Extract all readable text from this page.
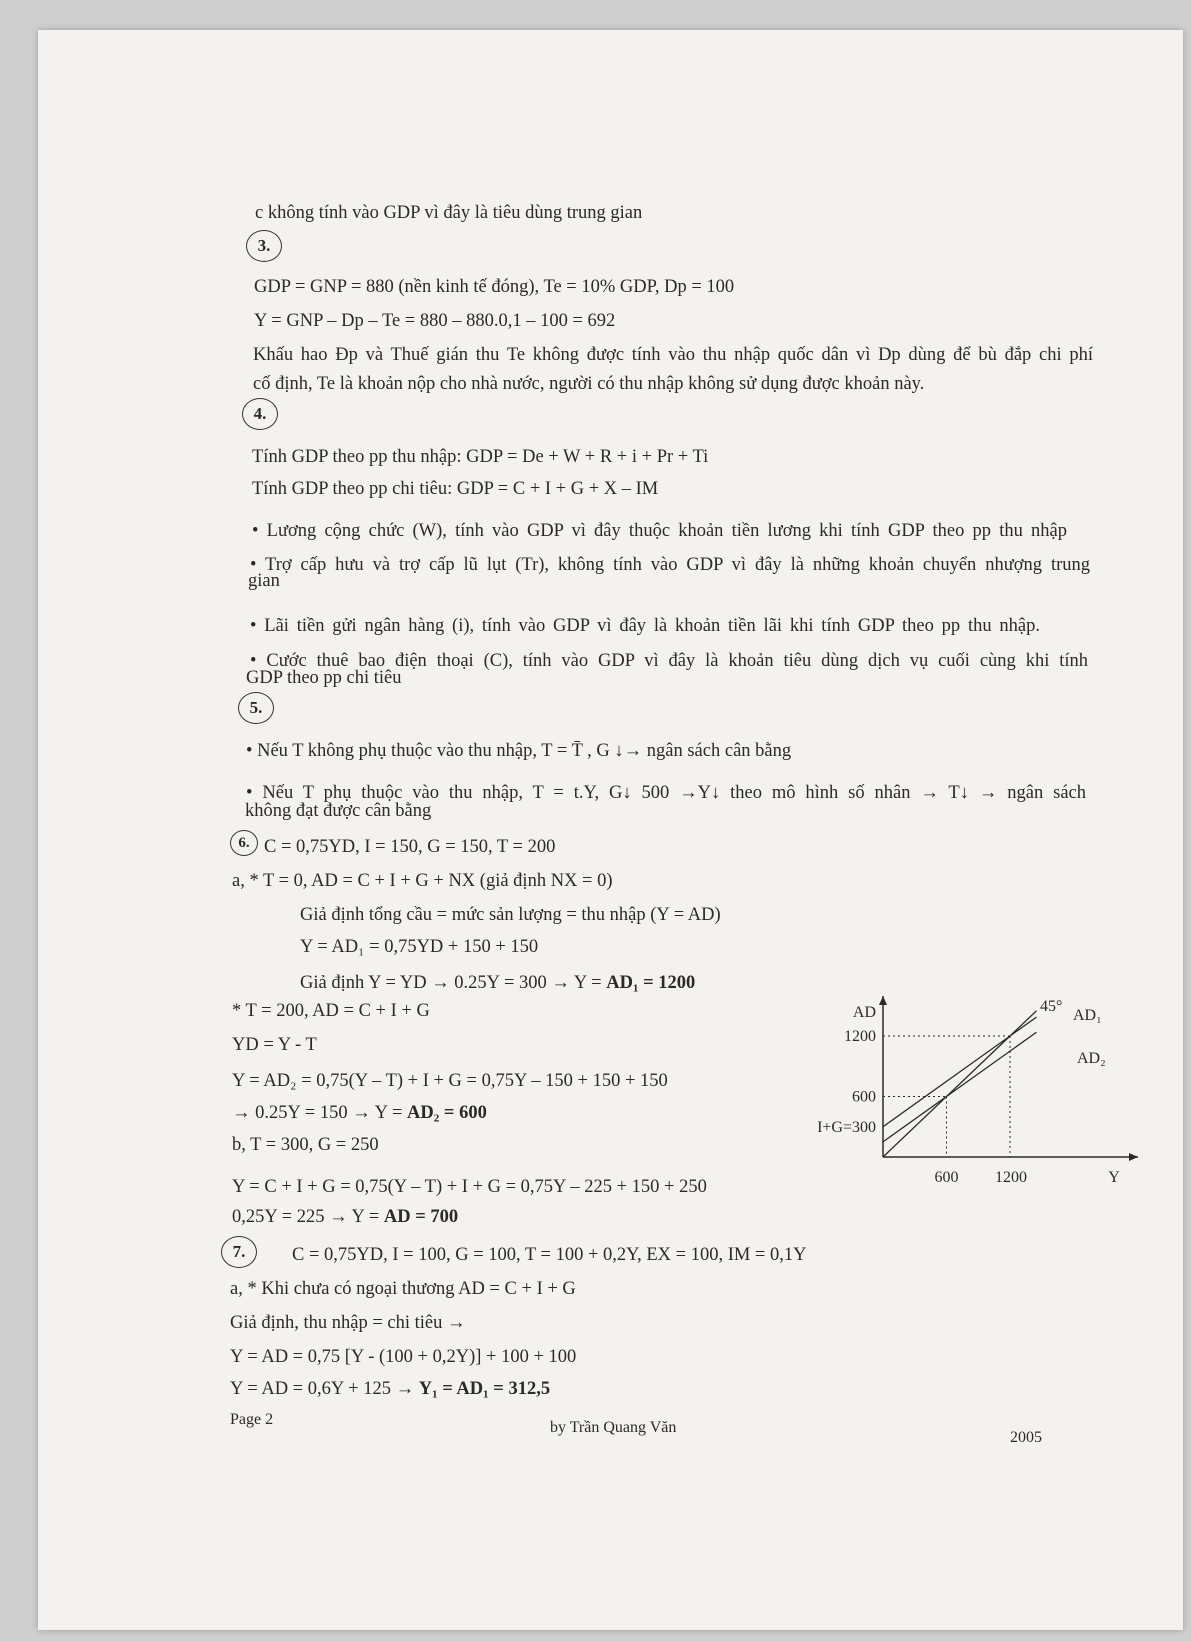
c không tính vào GDP vì đây là tiêu dùng trung gian
3.
GDP = GNP = 880 (nền kinh tế đóng), Te = 10% GDP, Dp = 100
Y = GNP – Dp – Te = 880 – 880.0,1 – 100 = 692
Khấu hao Đp và Thuế gián thu Te không được tính vào thu nhập quốc dân vì Dp dùng để bù đắp chi phí
cố định, Te là khoản nộp cho nhà nước, người có thu nhập không sử dụng được khoản này.
4.
Tính GDP theo pp thu nhập: GDP = De + W + R + i + Pr + Ti
Tính GDP theo pp chi tiêu: GDP = C + I + G + X – IM
• Lương cộng chức (W), tính vào GDP vì đây thuộc khoản tiền lương khi tính GDP theo pp thu nhập
• Trợ cấp hưu và trợ cấp lũ lụt (Tr), không tính vào GDP vì đây là những khoản chuyển nhượng trung
gian
• Lãi tiền gửi ngân hàng (i), tính vào GDP vì đây là khoản tiền lãi khi tính GDP theo pp thu nhập.
• Cước thuê bao điện thoại (C), tính vào GDP vì đây là khoản tiêu dùng dịch vụ cuối cùng khi tính
GDP theo pp chi tiêu
5.
• Nếu T không phụ thuộc vào thu nhập, T = T̄ , G ↓→ ngân sách cân bằng
• Nếu T phụ thuộc vào thu nhập, T = t.Y, G↓ 500 →Y↓ theo mô hình số nhân → T↓ → ngân sách
không đạt được cân bằng
6. C = 0,75YD, I = 150, G = 150, T = 200
a, * T = 0, AD = C + I + G + NX (giả định NX = 0)
Giả định tổng cầu = mức sản lượng = thu nhập (Y = AD)
Y = AD₁ = 0,75YD + 150 + 150
Giả định Y = YD → 0.25Y = 300 → Y = AD₁ = 1200
* T = 200, AD = C + I + G
YD = Y - T
Y = AD₂ = 0,75(Y – T) + I + G = 0,75Y – 150 + 150 + 150
→ 0.25Y = 150 → Y = AD₂ = 600
b, T = 300, G = 250
Y = C + I + G = 0,75(Y – T) + I + G = 0,75Y – 225 + 150 + 250
0,25Y = 225 → Y = AD = 700
7.	C = 0,75YD, I = 100, G = 100, T = 100 + 0,2Y, EX = 100, IM = 0,1Y
a, * Khi chưa có ngoại thương AD = C + I + G
Giả định, thu nhập = chi tiêu →
Y = AD = 0,75 [Y - (100 + 0,2Y)] + 100 + 100
Y = AD = 0,6Y + 125 → Y₁ = AD₁ = 312,5
Page 2	by Trần Quang Văn
2005
AD
Y
600 1200
1200
600
I+G=300
45°
AD₁
AD₂
